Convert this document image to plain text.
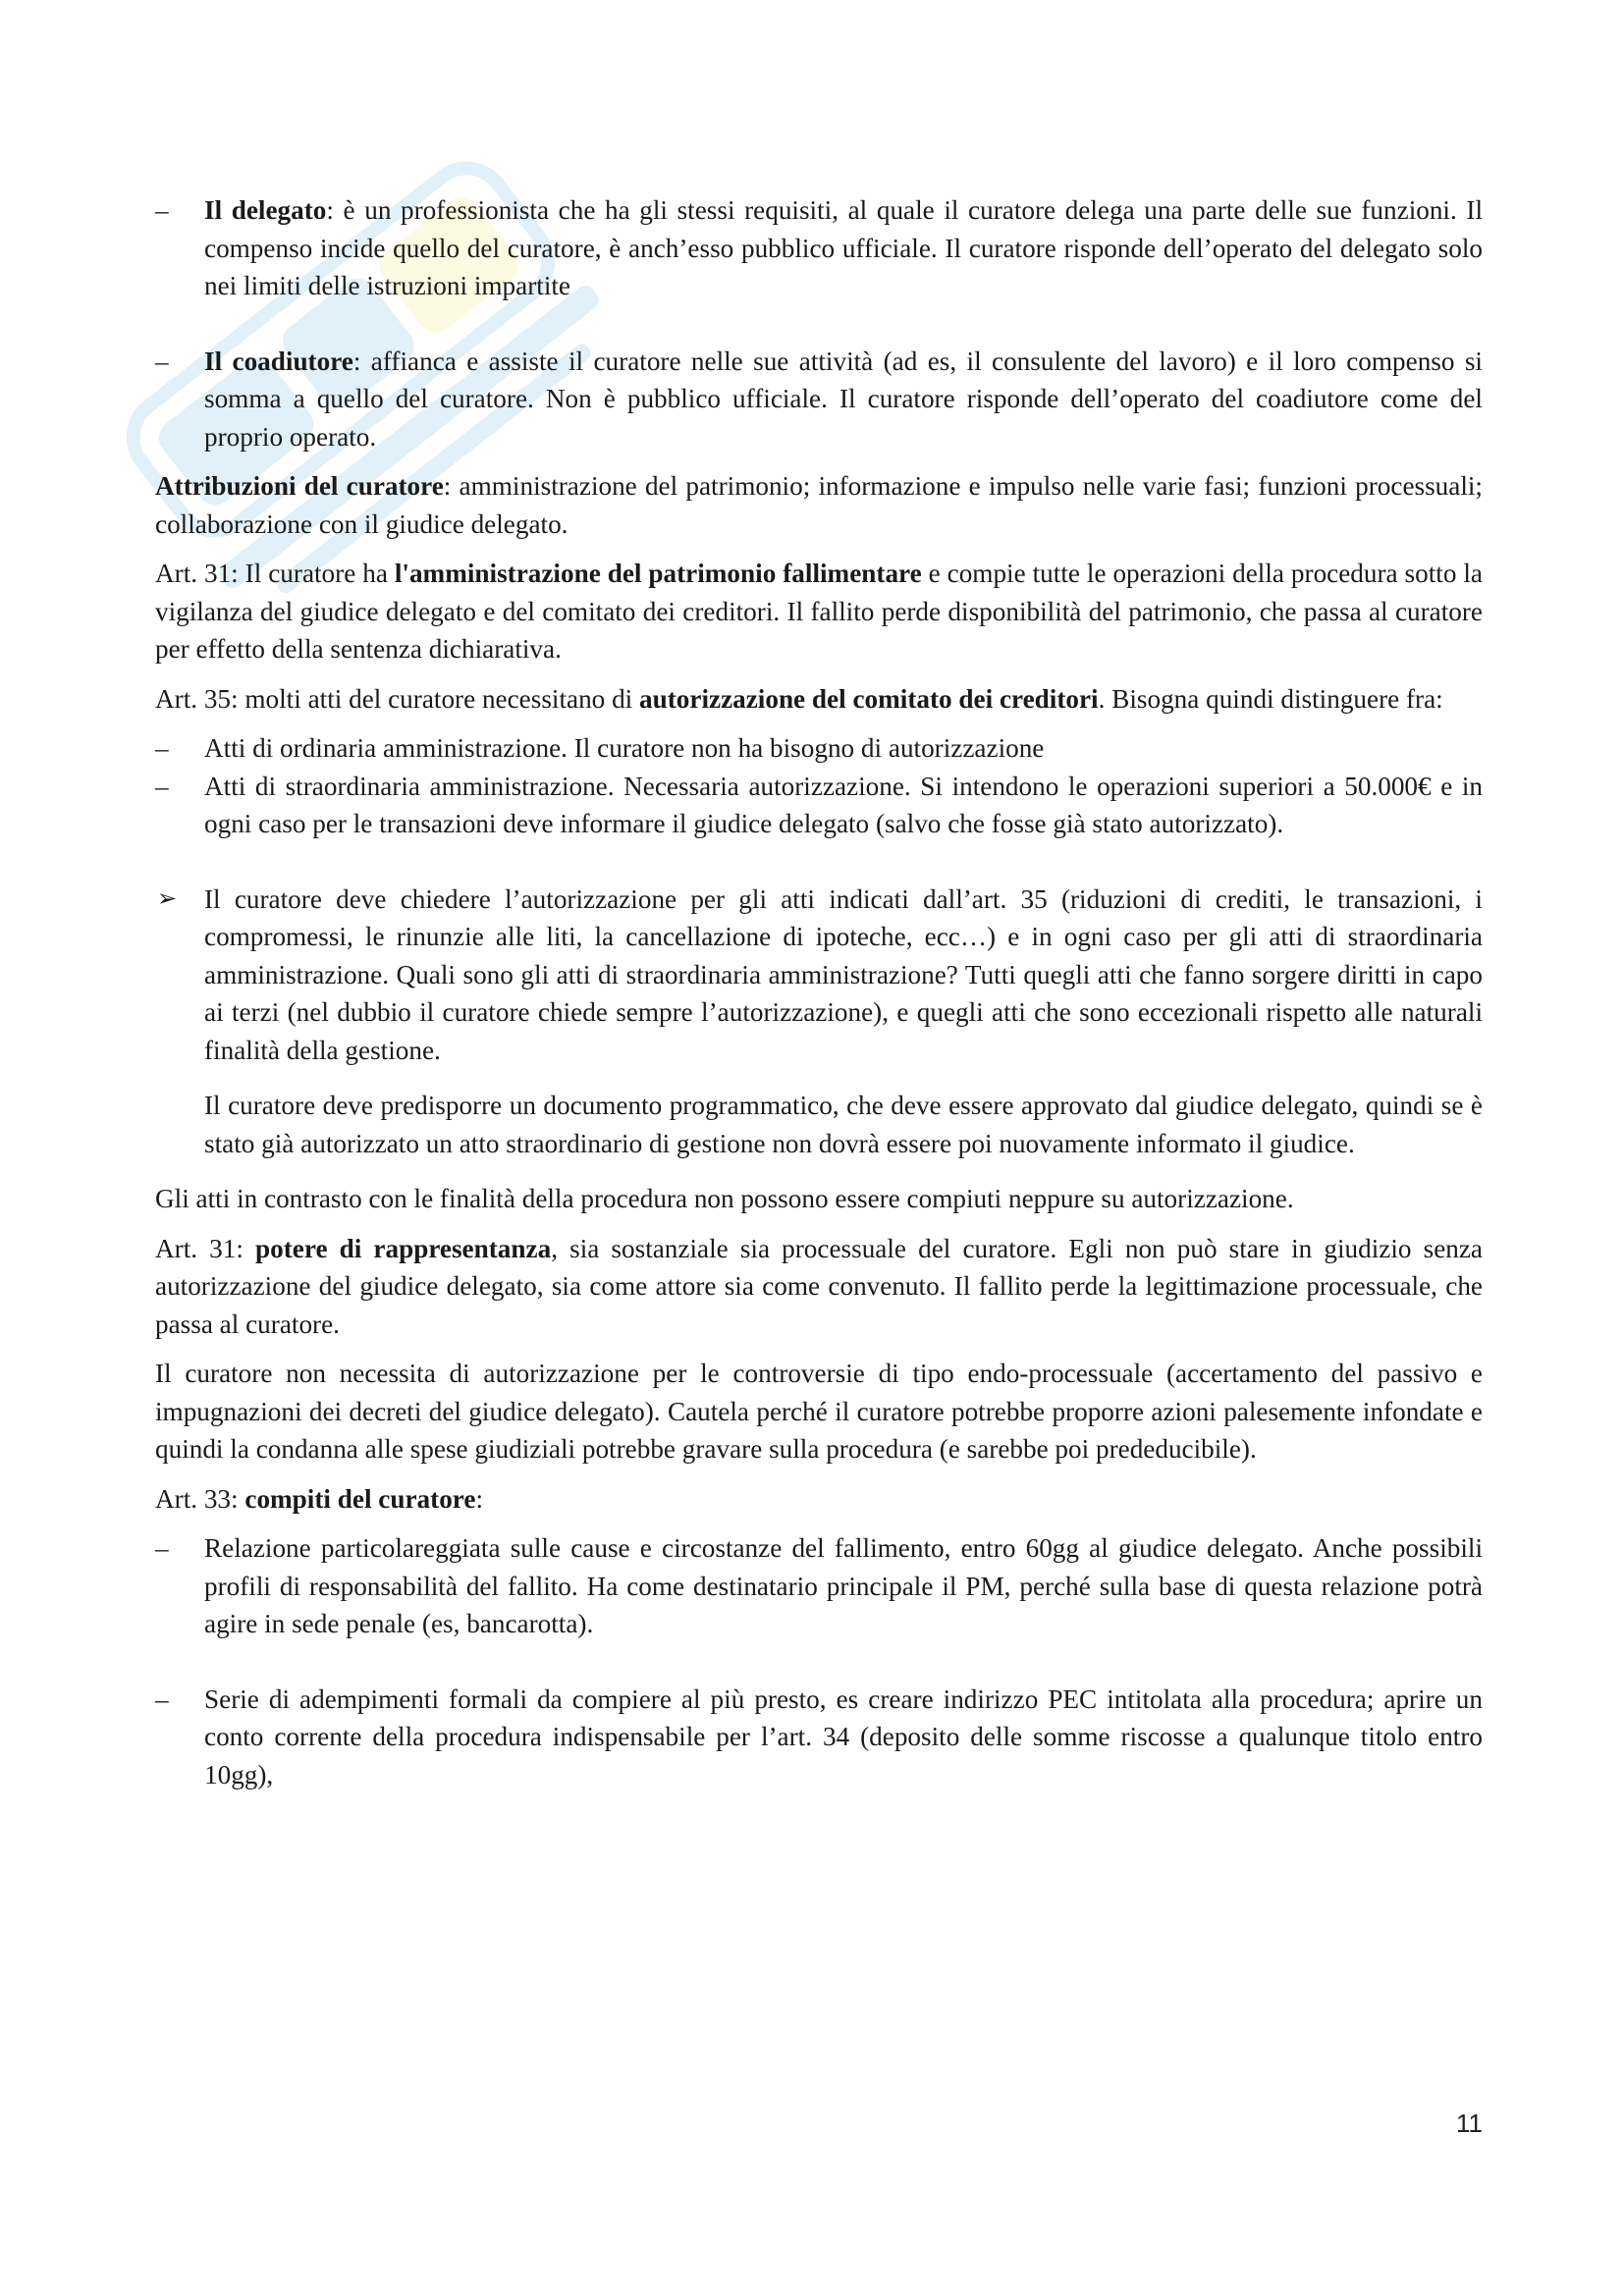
– Il delegato: è un professionista che ha gli stessi requisiti, al quale il curatore delega una parte delle sue funzioni. Il compenso incide quello del curatore, è anch’esso pubblico ufficiale. Il curatore risponde dell’operato del delegato solo nei limiti delle istruzioni impartite

– Il coadiutore: affianca e assiste il curatore nelle sue attività (ad es, il consulente del lavoro) e il loro compenso si somma a quello del curatore. Non è pubblico ufficiale. Il curatore risponde dell’operato del coadiutore come del proprio operato.

Attribuzioni del curatore: amministrazione del patrimonio; informazione e impulso nelle varie fasi; funzioni processuali; collaborazione con il giudice delegato.

Art. 31: Il curatore ha l'amministrazione del patrimonio fallimentare e compie tutte le operazioni della procedura sotto la vigilanza del giudice delegato e del comitato dei creditori. Il fallito perde disponibilità del patrimonio, che passa al curatore per effetto della sentenza dichiarativa.

Art. 35: molti atti del curatore necessitano di autorizzazione del comitato dei creditori. Bisogna quindi distinguere fra:

– Atti di ordinaria amministrazione. Il curatore non ha bisogno di autorizzazione

– Atti di straordinaria amministrazione. Necessaria autorizzazione. Si intendono le operazioni superiori a 50.000€ e in ogni caso per le transazioni deve informare il giudice delegato (salvo che fosse già stato autorizzato).

➢ Il curatore deve chiedere l’autorizzazione per gli atti indicati dall’art. 35 (riduzioni di crediti, le transazioni, i compromessi, le rinunzie alle liti, la cancellazione di ipoteche, ecc…) e in ogni caso per gli atti di straordinaria amministrazione. Quali sono gli atti di straordinaria amministrazione? Tutti quegli atti che fanno sorgere diritti in capo ai terzi (nel dubbio il curatore chiede sempre l’autorizzazione), e quegli atti che sono eccezionali rispetto alle naturali finalità della gestione.

Il curatore deve predisporre un documento programmatico, che deve essere approvato dal giudice delegato, quindi se è stato già autorizzato un atto straordinario di gestione non dovrà essere poi nuovamente informato il giudice.

Gli atti in contrasto con le finalità della procedura non possono essere compiuti neppure su autorizzazione.

Art. 31: potere di rappresentanza, sia sostanziale sia processuale del curatore. Egli non può stare in giudizio senza autorizzazione del giudice delegato, sia come attore sia come convenuto. Il fallito perde la legittimazione processuale, che passa al curatore.

Il curatore non necessita di autorizzazione per le controversie di tipo endo-processuale (accertamento del passivo e impugnazioni dei decreti del giudice delegato). Cautela perché il curatore potrebbe proporre azioni palesemente infondate e quindi la condanna alle spese giudiziali potrebbe gravare sulla procedura (e sarebbe poi prededucibile).

Art. 33: compiti del curatore:

– Relazione particolareggiata sulle cause e circostanze del fallimento, entro 60gg al giudice delegato. Anche possibili profili di responsabilità del fallito. Ha come destinatario principale il PM, perché sulla base di questa relazione potrà agire in sede penale (es, bancarotta).

– Serie di adempimenti formali da compiere al più presto, es creare indirizzo PEC intitolata alla procedura; aprire un conto corrente della procedura indispensabile per l’art. 34 (deposito delle somme riscosse a qualunque titolo entro 10gg),

11
